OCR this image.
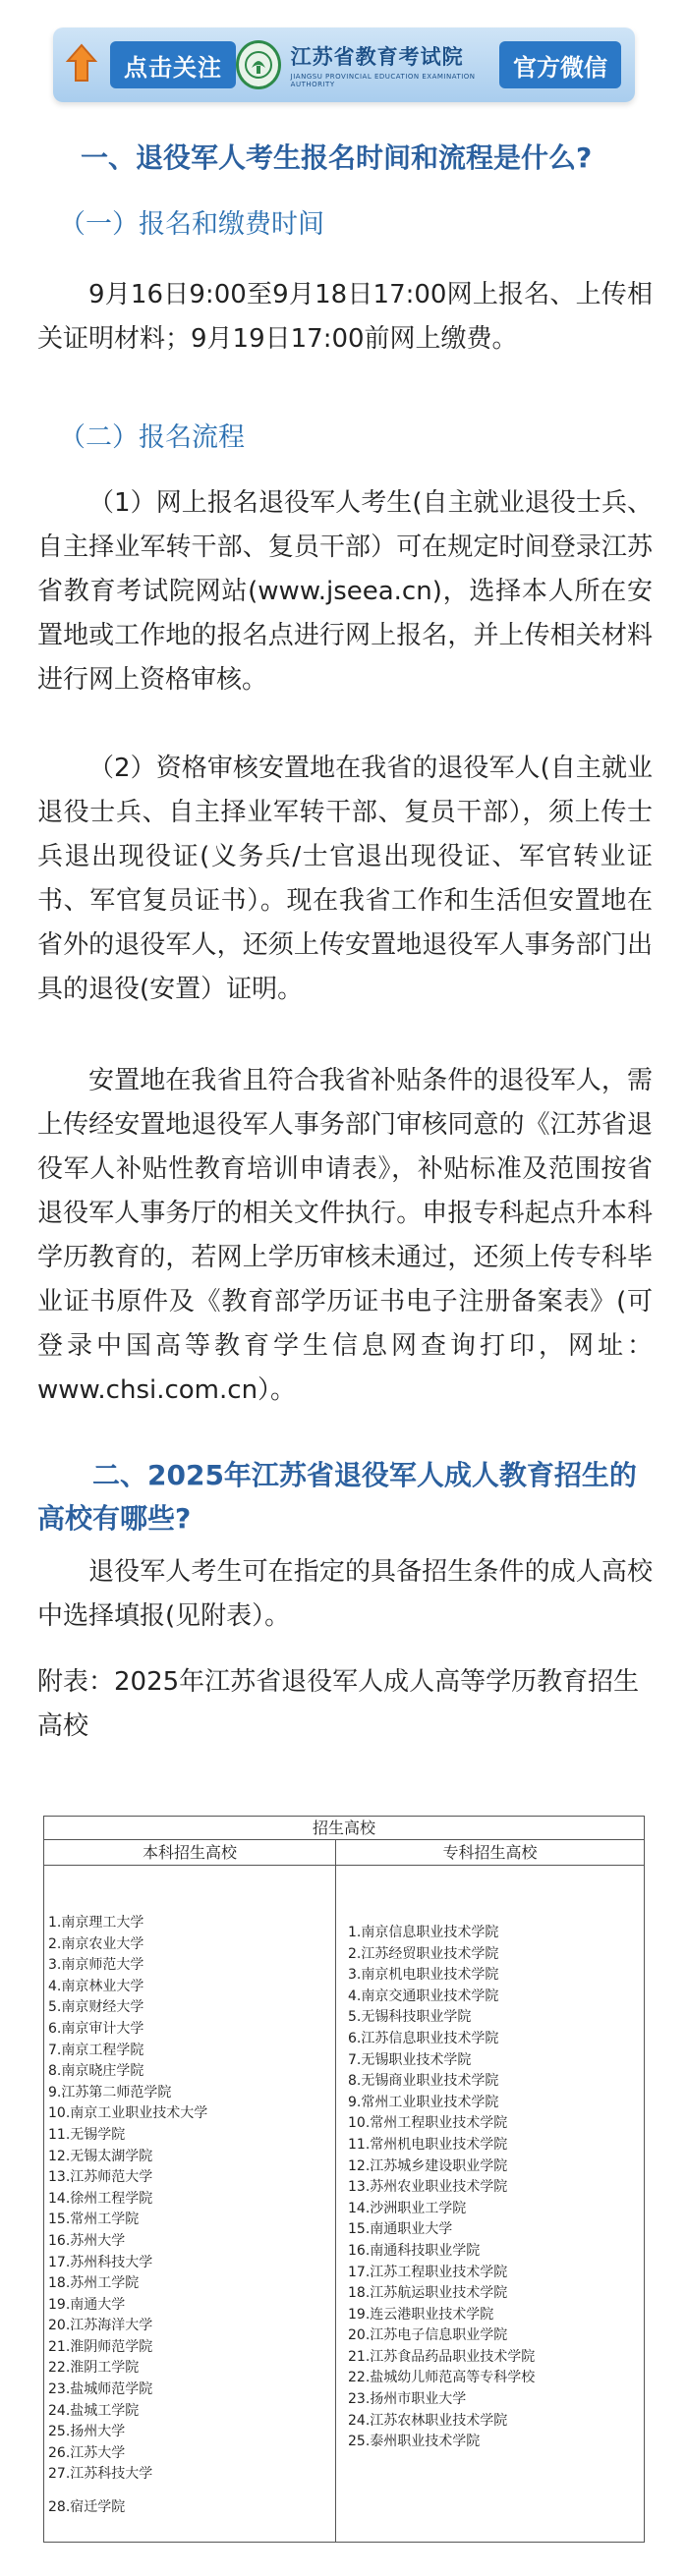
点击关注	江苏省教育考试院
JIANGSU PROVINCIAL EDUCATION EXAMINATION AUTHORITY
官方微信
一、退役军人考生报名时间和流程是什么?
（一）报名和缴费时间
9月16日9:00至9月18日17:00网上报名、上传相关证明材料；9月19日17:00前网上缴费。
（二）报名流程
（1）网上报名退役军人考生(自主就业退役士兵、自主择业军转干部、复员干部）可在规定时间登录江苏省教育考试院网站(www.jseea.cn)，选择本人所在安置地或工作地的报名点进行网上报名，并上传相关材料进行网上资格审核。
（2）资格审核安置地在我省的退役军人(自主就业退役士兵、自主择业军转干部、复员干部），须上传士兵退出现役证(义务兵/士官退出现役证、军官转业证书、军官复员证书）。现在我省工作和生活但安置地在省外的退役军人，还须上传安置地退役军人事务部门出具的退役(安置）证明。
安置地在我省且符合我省补贴条件的退役军人，需上传经安置地退役军人事务部门审核同意的《江苏省退役军人补贴性教育培训申请表》，补贴标准及范围按省退役军人事务厅的相关文件执行。申报专科起点升本科学历教育的，若网上学历审核未通过，还须上传专科毕业证书原件及《教育部学历证书电子注册备案表》(可登录中国高等教育学生信息网查询打印，网址：www.chsi.com.cn）。
二、2025年江苏省退役军人成人教育招生的高校有哪些?
退役军人考生可在指定的具备招生条件的成人高校中选择填报(见附表）。
附表：2025年江苏省退役军人成人高等学历教育招生高校
招生高校
本科招生高校	专科招生高校
1.南京理工大学
2.南京农业大学
3.南京师范大学
4.南京林业大学
5.南京财经大学
6.南京审计大学
7.南京工程学院
8.南京晓庄学院
9.江苏第二师范学院
10.南京工业职业技术大学
11.无锡学院
12.无锡太湖学院
13.江苏师范大学
14.徐州工程学院
15.常州工学院
16.苏州大学
17.苏州科技大学
18.苏州工学院
19.南通大学
20.江苏海洋大学
21.淮阴师范学院
22.淮阴工学院
23.盐城师范学院
24.盐城工学院
25.扬州大学
26.江苏大学
27.江苏科技大学
28.宿迁学院
1.南京信息职业技术学院
2.江苏经贸职业技术学院
3.南京机电职业技术学院
4.南京交通职业技术学院
5.无锡科技职业学院
6.江苏信息职业技术学院
7.无锡职业技术学院
8.无锡商业职业技术学院
9.常州工业职业技术学院
10.常州工程职业技术学院
11.常州机电职业技术学院
12.江苏城乡建设职业学院
13.苏州农业职业技术学院
14.沙洲职业工学院
15.南通职业大学
16.南通科技职业学院
17.江苏工程职业技术学院
18.江苏航运职业技术学院
19.连云港职业技术学院
20.江苏电子信息职业学院
21.江苏食品药品职业技术学院
22.盐城幼儿师范高等专科学校
23.扬州市职业大学
24.江苏农林职业技术学院
25.泰州职业技术学院
